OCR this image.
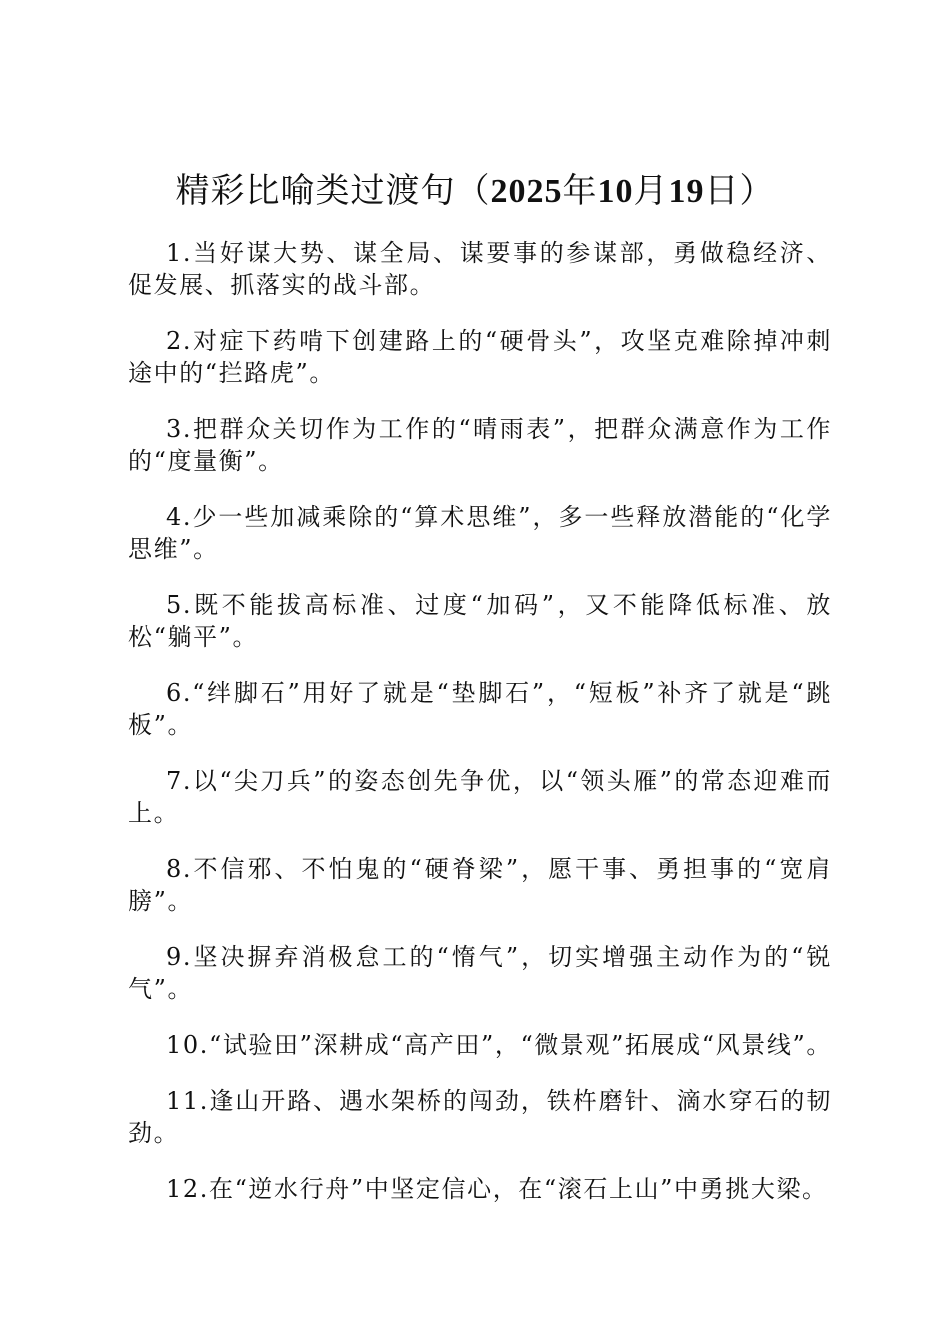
精彩比喻类过渡句（2025年10月19日）

1.当好谋大势、谋全局、谋要事的参谋部，勇做稳经济、促发展、抓落实的战斗部。

2.对症下药啃下创建路上的“硬骨头”，攻坚克难除掉冲刺途中的“拦路虎”。

3.把群众关切作为工作的“晴雨表”，把群众满意作为工作的“度量衡”。

4.少一些加减乘除的“算术思维”，多一些释放潜能的“化学思维”。

5.既不能拔高标准、过度“加码”，又不能降低标准、放松“躺平”。

6.“绊脚石”用好了就是“垫脚石”，“短板”补齐了就是“跳板”。

7.以“尖刀兵”的姿态创先争优，以“领头雁”的常态迎难而上。

8.不信邪、不怕鬼的“硬脊梁”，愿干事、勇担事的“宽肩膀”。

9.坚决摒弃消极怠工的“惰气”，切实增强主动作为的“锐气”。

10.“试验田”深耕成“高产田”，“微景观”拓展成“风景线”。

11.逢山开路、遇水架桥的闯劲，铁杵磨针、滴水穿石的韧劲。

12.在“逆水行舟”中坚定信心，在“滚石上山”中勇挑大梁。
